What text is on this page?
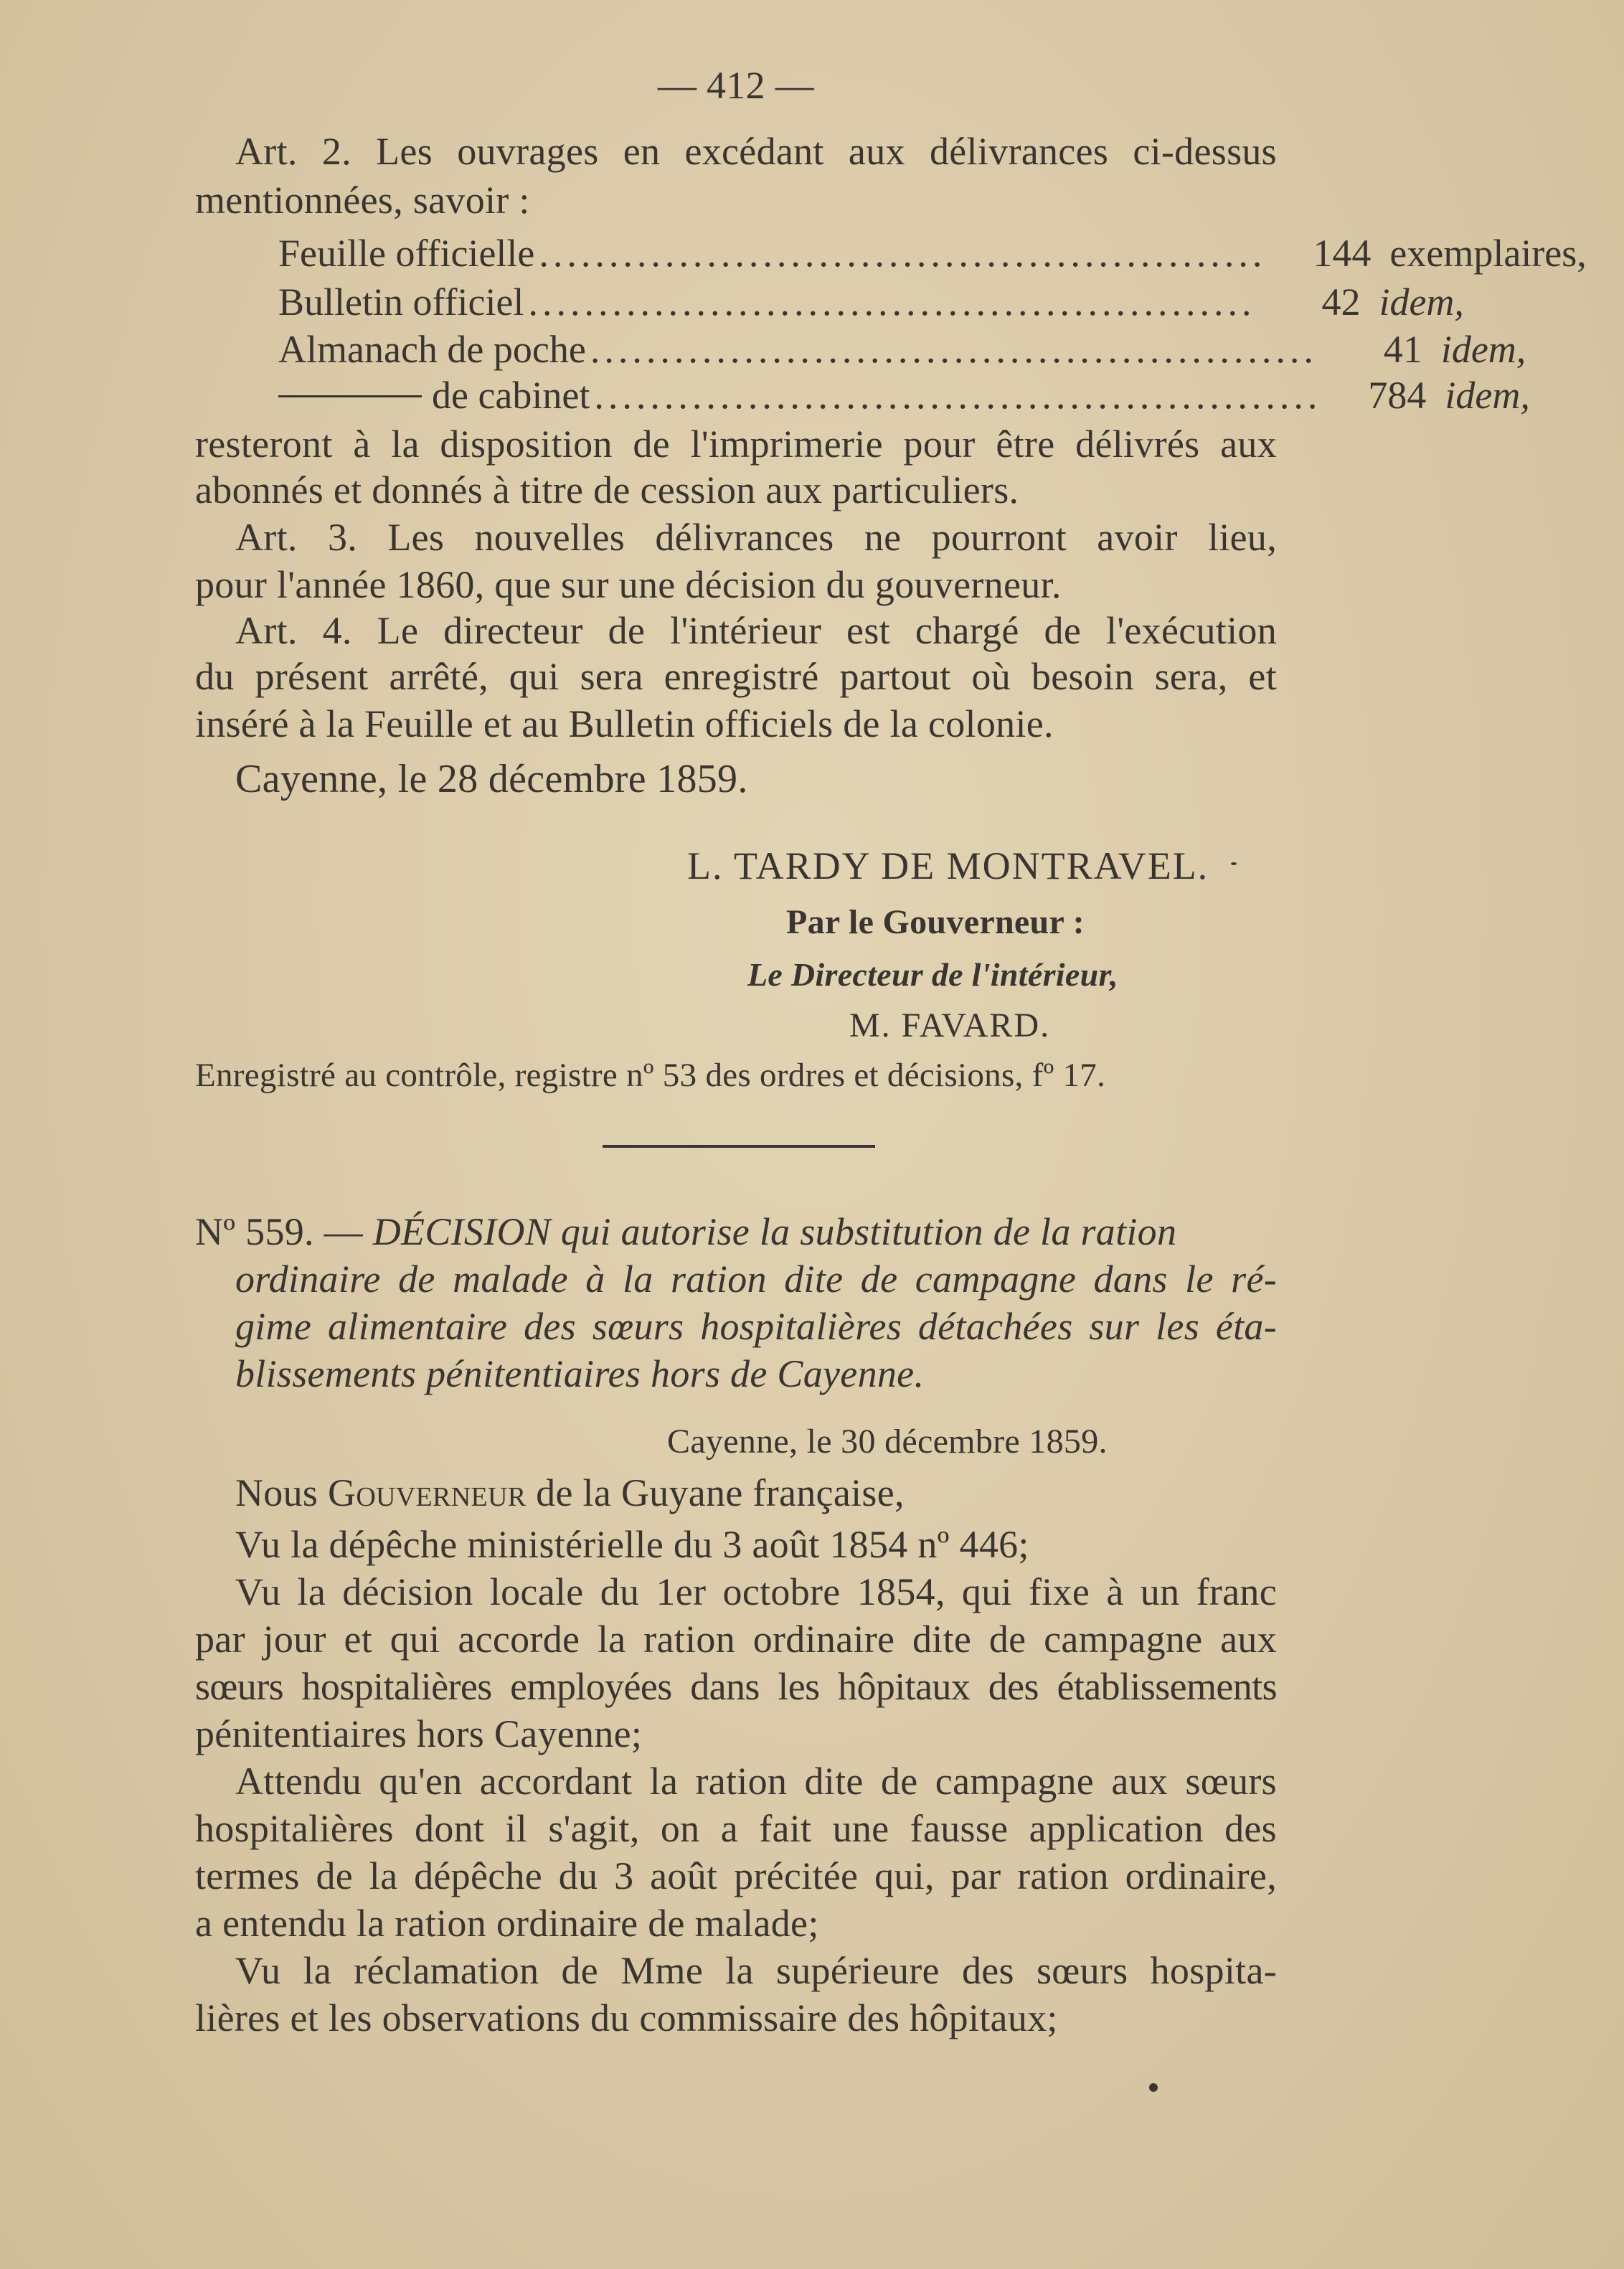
— 412 —
Art. 2. Les ouvrages en excédant aux délivrances ci-dessus
mentionnées, savoir :
Feuille officielle ....................................................	144 exemplaires,
Bulletin officiel ....................................................	42 idem,
Almanach de poche ....................................................	41 idem,
de cabinet ....................................................	784 idem,
resteront à la disposition de l'imprimerie pour être délivrés aux
abonnés et donnés à titre de cession aux particuliers.
Art. 3. Les nouvelles délivrances ne pourront avoir lieu,
pour l'année 1860, que sur une décision du gouverneur.
Art. 4. Le directeur de l'intérieur est chargé de l'exécution
du présent arrêté, qui sera enregistré partout où besoin sera, et
inséré à la Feuille et au Bulletin officiels de la colonie.
Cayenne, le 28 décembre 1859.
L. TARDY DE MONTRAVEL.
Par le Gouverneur :
Le Directeur de l'intérieur,
M. FAVARD.
Enregistré au contrôle, registre nº 53 des ordres et décisions, fº 17.
Nº 559. — DÉCISION qui autorise la substitution de la ration
ordinaire de malade à la ration dite de campagne dans le ré-
gime alimentaire des sœurs hospitalières détachées sur les éta-
blissements pénitentiaires hors de Cayenne.
Cayenne, le 30 décembre 1859.
Nous Gouverneur de la Guyane française,
Vu la dépêche ministérielle du 3 août 1854 nº 446;
Vu la décision locale du 1er octobre 1854, qui fixe à un franc
par jour et qui accorde la ration ordinaire dite de campagne aux
sœurs hospitalières employées dans les hôpitaux des établissements
pénitentiaires hors Cayenne;
Attendu qu'en accordant la ration dite de campagne aux sœurs
hospitalières dont il s'agit, on a fait une fausse application des
termes de la dépêche du 3 août précitée qui, par ration ordinaire,
a entendu la ration ordinaire de malade;
Vu la réclamation de Mme la supérieure des sœurs hospita-
lières et les observations du commissaire des hôpitaux;
